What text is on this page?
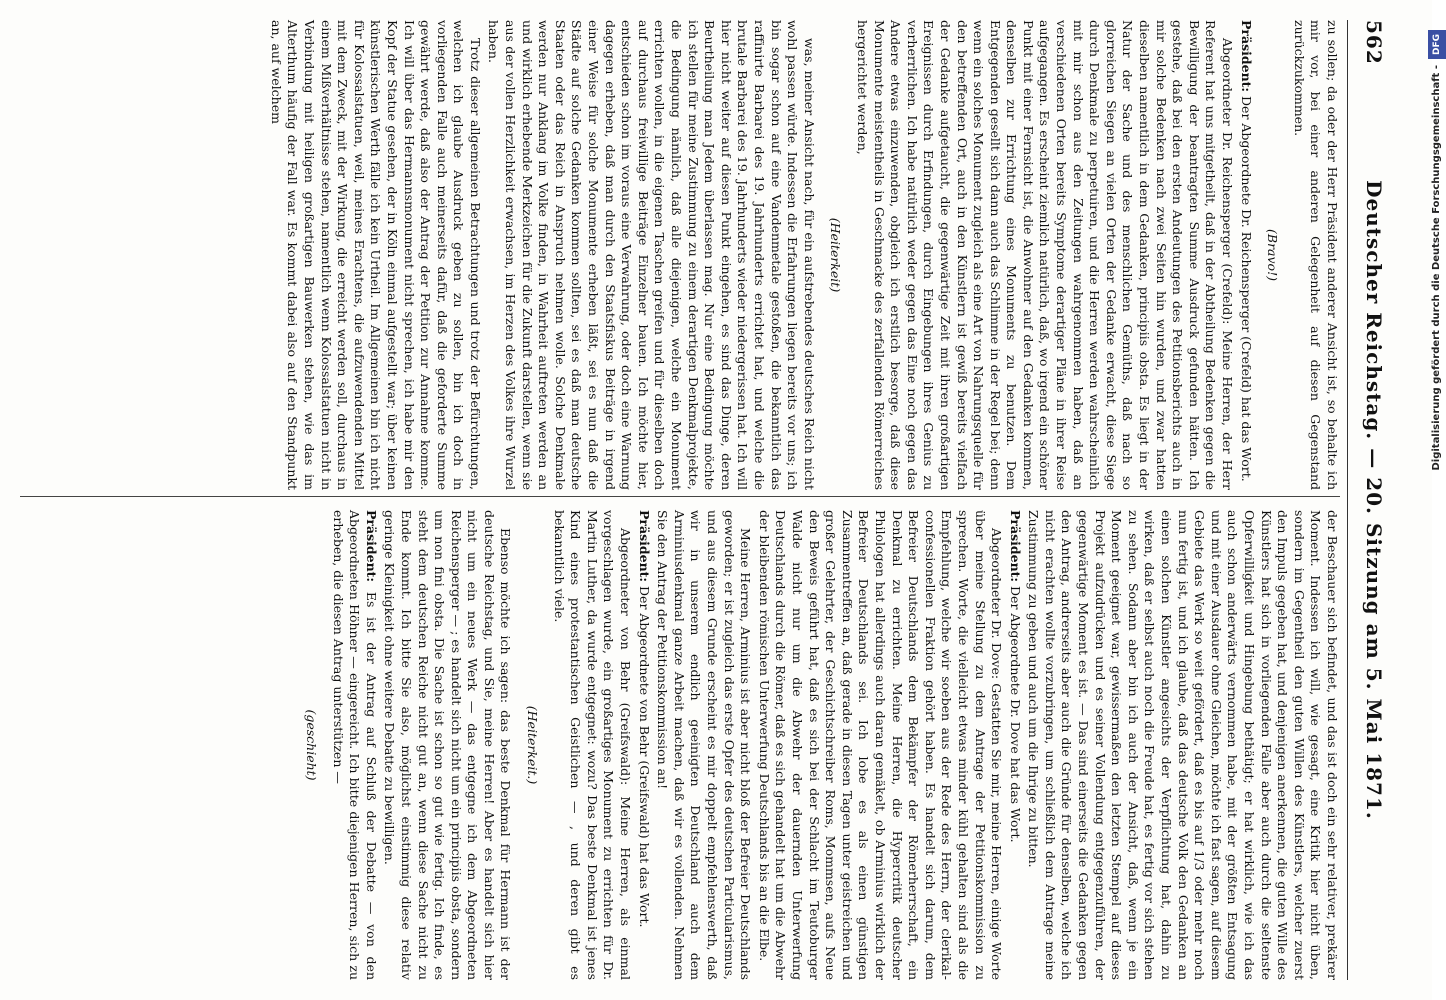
562
Deutscher Reichstag. — 20. Sitzung am 5. Mai 1871.

zu sollen; da oder der Herr Präsident anderer Ansicht ist, so behalte ich mir vor, bei einer anderen Gelegenheit auf diesen Gegenstand zurückzukommen.

(Bravo!)

Präsident: Der Abgeordnete Dr. Reichensperger (Crefeld) hat das Wort.

Abgeordneter Dr. Reichensperger (Crefeld): Meine Herren, der Herr Referent hat uns mitgetheilt, daß in der Abtheilung Bedenken gegen die Bewilligung der beantragten Summe Ausdruck gefunden hätten. Ich gestehe, daß bei den ersten Andeutungen des Petitionsberichts auch in mir solche Bedenken nach zwei Seiten hin wurden, und zwar hatten dieselben namentlich in dem Gedanken, principiis obsta. Es liegt in der Natur der Sache und des menschlichen Gemüths, daß nach so glorreichen Siegen an vielen Orten der Gedanke erwacht, diese Siege durch Denkmale zu perpetuiren, und die Herren werden wahrscheinlich mit mir schon aus den Zeitungen wahrgenommen haben, daß an verschiedenen Orten bereits Symptome derartiger Pläne in ihrer Reise aufgegangen. Es erscheint ziemlich natürlich, daß, wo irgend ein schöner Punkt mit einer Fernsicht ist, die Anwohner auf den Gedanken kommen, denselben zur Errichtung eines Monuments zu benutzen. Dem Entgegenden gesellt sich dann auch das Schlimme in der Regel bei; denn wenn ein solches Monument zugleich als eine Art von Nahrungsquelle für den betreffenden Ort, auch in den Künstlern ist gewiß bereits vielfach der Gedanke aufgetaucht, die gegenwärtige Zeit mit ihren großartigen Ereignissen durch Erfindungen, durch Eingebungen ihres Genius zu verherrlichen. Ich habe natürlich weder gegen das Eine noch gegen das Andere etwas einzuwenden, obgleich ich erstlich besorge, daß diese Monumente meistentheils in Geschmacke des zerfallenden Römerreiches hergerichtet werden,

(Heiterkeit)

was, meiner Ansicht nach, für ein aufstrebendes deutsches Reich nicht wohl passen würde. Indessen die Erfahrungen liegen bereits vor uns; ich bin sogar schon auf eine Vandenmetale gestoßen, die bekanntlich das raffinirte Barbarei des 19. Jahrhunderts errichtet hat, und welche die brutale Barbarei des 19. Jahrhunderts wieder niedergerissen hat. Ich will hier nicht weiter auf diesen Punkt eingehen, es sind das Dinge, deren Beurtheilung man Jedem überlassen mag. Nur eine Bedingung möchte ich stellen für meine Zustimmung zu einem derartigen Denkmalprojekte, die Bedingung nämlich, daß alle diejenigen, welche ein Monument errichten wollen, in die eigenen Taschen greifen und für dieselben doch auf durchaus freiwillige Beiträge Einzelner bauen. Ich möchte hier, entschieden schon im voraus eine Verwahrung, oder doch eine Warnung dagegen erheben, daß man durch den Staatsfiskus Beiträge in irgend einer Weise für solche Monumente erheben läßt, sei es nun daß die Städte auf solche Gedanken kommen sollten, sei es daß man deutsche Staaten oder das Reich in Anspruch nehmen wolle. Solche Denkmale werden nur Anklang im Volke finden, in Wahrheit auftreten werden an und wirklich erhebende Merkzeichen für die Zukunft darstellen, wenn sie aus der vollen Herzlichkeit erwachsen, im Herzen des Volkes ihre Wurzel haben.

Trotz dieser allgemeinen Betrachtungen und trotz der Befürchtungen, welchen ich glaube Ausdruck geben zu sollen, bin ich doch in vorliegenden Falle auch meinerseits dafür, daß die geforderte Summe gewährt werde, daß also der Antrag der Petition zur Annahme komme. Ich will über das Hermannsmonument nicht sprechen, ich habe mir den Kopf der Statue gesehen, der in Köln einmal aufgestellt war; über keinen künstlerischen Werth fälle ich kein Urtheil. Im Allgemeinen bin ich nicht für Kolossalstatuen, weil, meines Erachtens, die aufzuwendenden Mittel mit dem Zweck, mit der Wirkung, die erreicht werden soll, durchaus in einem Mißverhältnisse stehen, namentlich wenn Kolossalstatuen nicht in Verbindung mit heiligen großartigen Bauwerken stehen, wie das im Alterthum häufig der Fall war. Es kommt dabei also auf den Standpunkt an, auf welchem

der Beschauer sich befindet, und das ist doch ein sehr relativer, prekärer Moment. Indessen ich will, wie gesagt, eine Kritik hier nicht üben, sondern im Gegentheil den guten Willen des Künstlers, welcher zuerst den Impuls gegeben hat, und denjenigen anerkennen, die guten Wille des Künstlers hat sich in vorliegenden Falle aber auch durch die seltenste Opferwilligkeit und Hingebung bethätigt; er hat wirklich, wie ich das auch schon anderwärts vernommen habe, mit der größten Entsagung und mit einer Ausdauer ohne Gleichen, möchte ich fast sagen, auf diesem Gebiete das Werk so weit gefördert, daß es bis auf 1/3 oder mehr noch nun fertig ist, und ich glaube, daß das deutsche Volk den Gedanken an einen solchen Künstler angesichts der Verpflichtung hat, dahin zu wirken, daß er selbst auch noch die Freude hat, es fertig vor sich stehen zu sehen. Sodann aber bin ich auch der Ansicht, daß, wenn je ein Moment geeignet war, gewissermaßen den letzten Stempel auf dieses Projekt aufzudrücken und es seiner Vollendung entgegenzuführen, der gegenwärtige Moment es ist. — Das sind einerseits die Gedanken gegen den Antrag, andrerseits aber auch die Gründe für denselben, welche ich nicht erachten wollte vorzubringen, um schließlich dem Antrage meine Zustimmung zu geben und auch um die Ihrige zu bitten.

Präsident: Der Abgeordnete Dr. Dove hat das Wort.

Abgeordneter Dr. Dove: Gestatten Sie mir, meine Herren, einige Worte über meine Stellung zu dem Antrage der Petitionskommission zu sprechen. Worte, die vielleicht etwas minder kühl gehalten sind als die Empfehlung, welche wir soeben aus der Rede des Herrn, der clerikal-confessionellen Fraktion gehört haben. Es handelt sich darum, dem Befreier Deutschlands dem Bekämpfer der Römerherrschaft, ein Denkmal zu errichten. Meine Herren, die Hypercritik deutscher Philologen hat allerdings auch daran gemäkelt, ob Arminius wirklich der Befreier Deutschlands sei. Ich lobe es als einen günstigen Zusammentreffen an, daß gerade in diesen Tagen unter geistreichen und großer Gelehrter, der Geschichtschreiber Roms, Mommsen, aufs Neue den Beweis geführt hat, daß es sich bei der Schlacht im Teutoburger Walde nicht nur um die Abwehr der dauernden Unterwerfung Deutschlands durch die Römer, daß es sich gehandelt hat um die Abwehr der bleibenden römischen Unterwerfung Deutschlands bis an die Elbe.

Meine Herren, Arminius ist aber nicht bloß der Befreier Deutschlands geworden; er ist zugleich das erste Opfer des deutschen Particularismus, und aus diesem Grunde erscheint es mir doppelt empfehlenswerth, daß wir in unserem endlich geeinigten Deutschland auch dem Arminiusdenkmal ganze Arbeit machen, daß wir es vollenden. Nehmen Sie den Antrag der Petitionskommission an!

Präsident: Der Abgeordnete von Behr (Greifswald) hat das Wort.

Abgeordneter von Behr (Greifswald): Meine Herren, als einmal vorgeschlagen wurde, ein großartiges Monument zu errichten für Dr. Martin Luther, da wurde entgegnet: wozu? Das beste Denkmal ist jenes Kind eines protestantischen Geistlichen — , und deren gibt es bekanntlich viele.

(Heiterkeit.)

Ebenso möchte ich sagen: das beste Denkmal für Hermann ist der deutsche Reichstag, und Sie, meine Herren! Aber es handelt sich hier nicht um ein neues Werk — das entgegne ich dem Abgeordneten Reichensperger — ; es handelt sich nicht um ein principiis obsta, sondern um non fini obsta. Die Sache ist schon so gut wie fertig. Ich finde, es steht dem deutschen Reiche nicht gut an, wenn diese Sache nicht zu Ende kommt. Ich bitte Sie also, möglichst einstimmig diese relativ geringe Kleinigkeit ohne weitere Debatte zu bewilligen.

Präsident: Es ist der Antrag auf Schluß der Debatte — von den Abgeordneten Höhner — eingereicht. Ich bitte diejenigen Herren, sich zu erheben, die diesen Antrag unterstützen —

(geschieht)

Digitalisierung gefördert durch die Deutsche Forschungsgemeinschaft -DFG
